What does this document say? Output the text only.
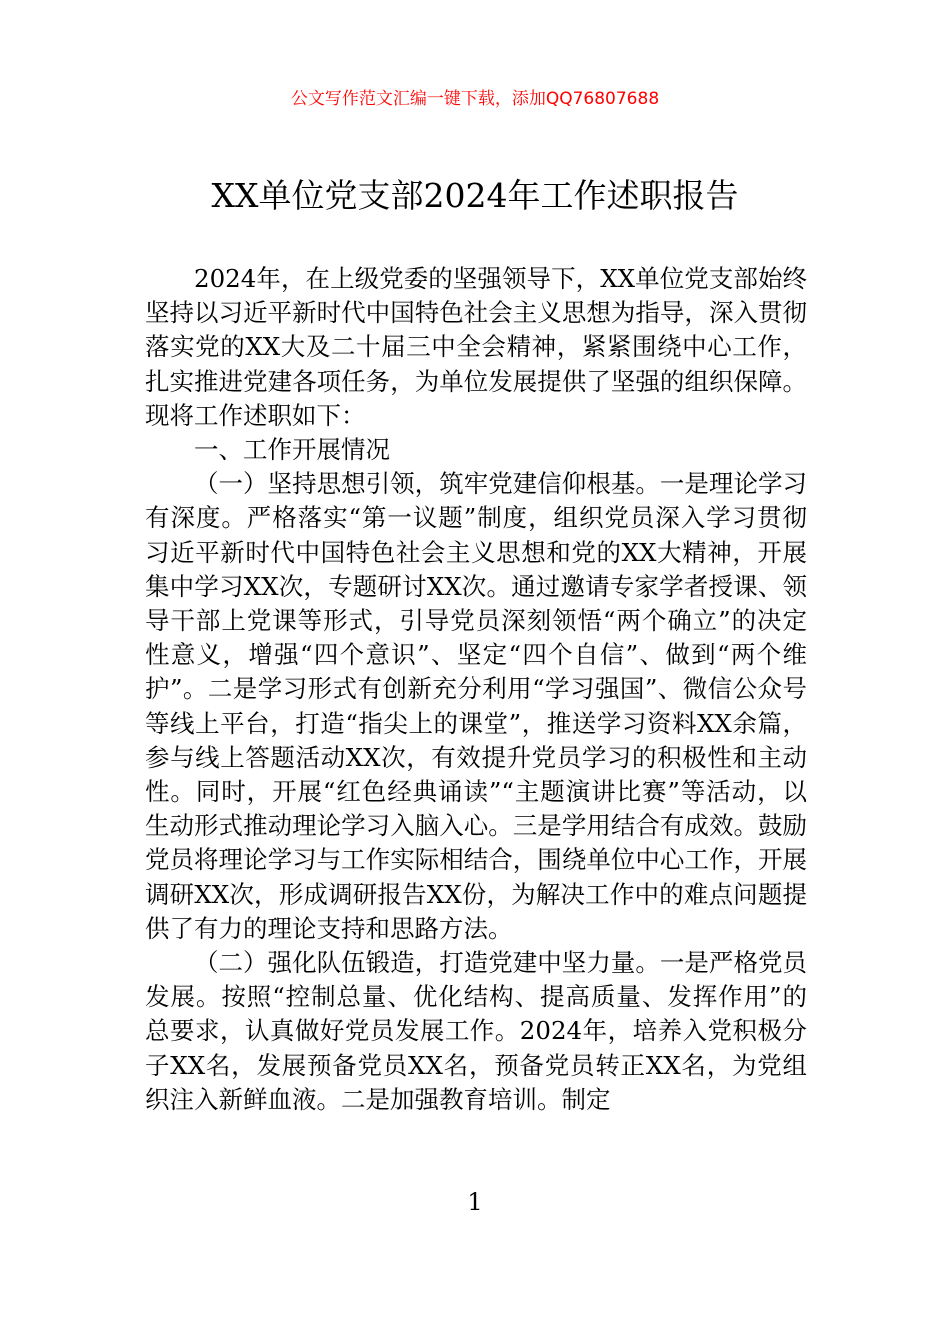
公文写作范文汇编一键下载，添加QQ76807688
XX单位党支部2024年工作述职报告

2024年，在上级党委的坚强领导下，XX单位党支部始终坚持以习近平新时代中国特色社会主义思想为指导，深入贯彻落实党的XX大及二十届三中全会精神，紧紧围绕中心工作，扎实推进党建各项任务，为单位发展提供了坚强的组织保障。现将工作述职如下：

一、工作开展情况

（一）坚持思想引领，筑牢党建信仰根基。一是理论学习有深度。严格落实“第一议题”制度，组织党员深入学习贯彻习近平新时代中国特色社会主义思想和党的XX大精神，开展集中学习XX次，专题研讨XX次。通过邀请专家学者授课、领导干部上党课等形式，引导党员深刻领悟“两个确立”的决定性意义，增强“四个意识”、坚定“四个自信”、做到“两个维护”。二是学习形式有创新充分利用“学习强国”、微信公众号等线上平台，打造“指尖上的课堂”，推送学习资料XX余篇，参与线上答题活动XX次，有效提升党员学习的积极性和主动性。同时，开展“红色经典诵读”“主题演讲比赛”等活动，以生动形式推动理论学习入脑入心。三是学用结合有成效。鼓励党员将理论学习与工作实际相结合，围绕单位中心工作，开展调研XX次，形成调研报告XX份，为解决工作中的难点问题提供了有力的理论支持和思路方法。

（二）强化队伍锻造，打造党建中坚力量。一是严格党员发展。按照“控制总量、优化结构、提高质量、发挥作用”的总要求，认真做好党员发展工作。2024年，培养入党积极分子XX名，发展预备党员XX名，预备党员转正XX名，为党组织注入新鲜血液。二是加强教育培训。制定

1
